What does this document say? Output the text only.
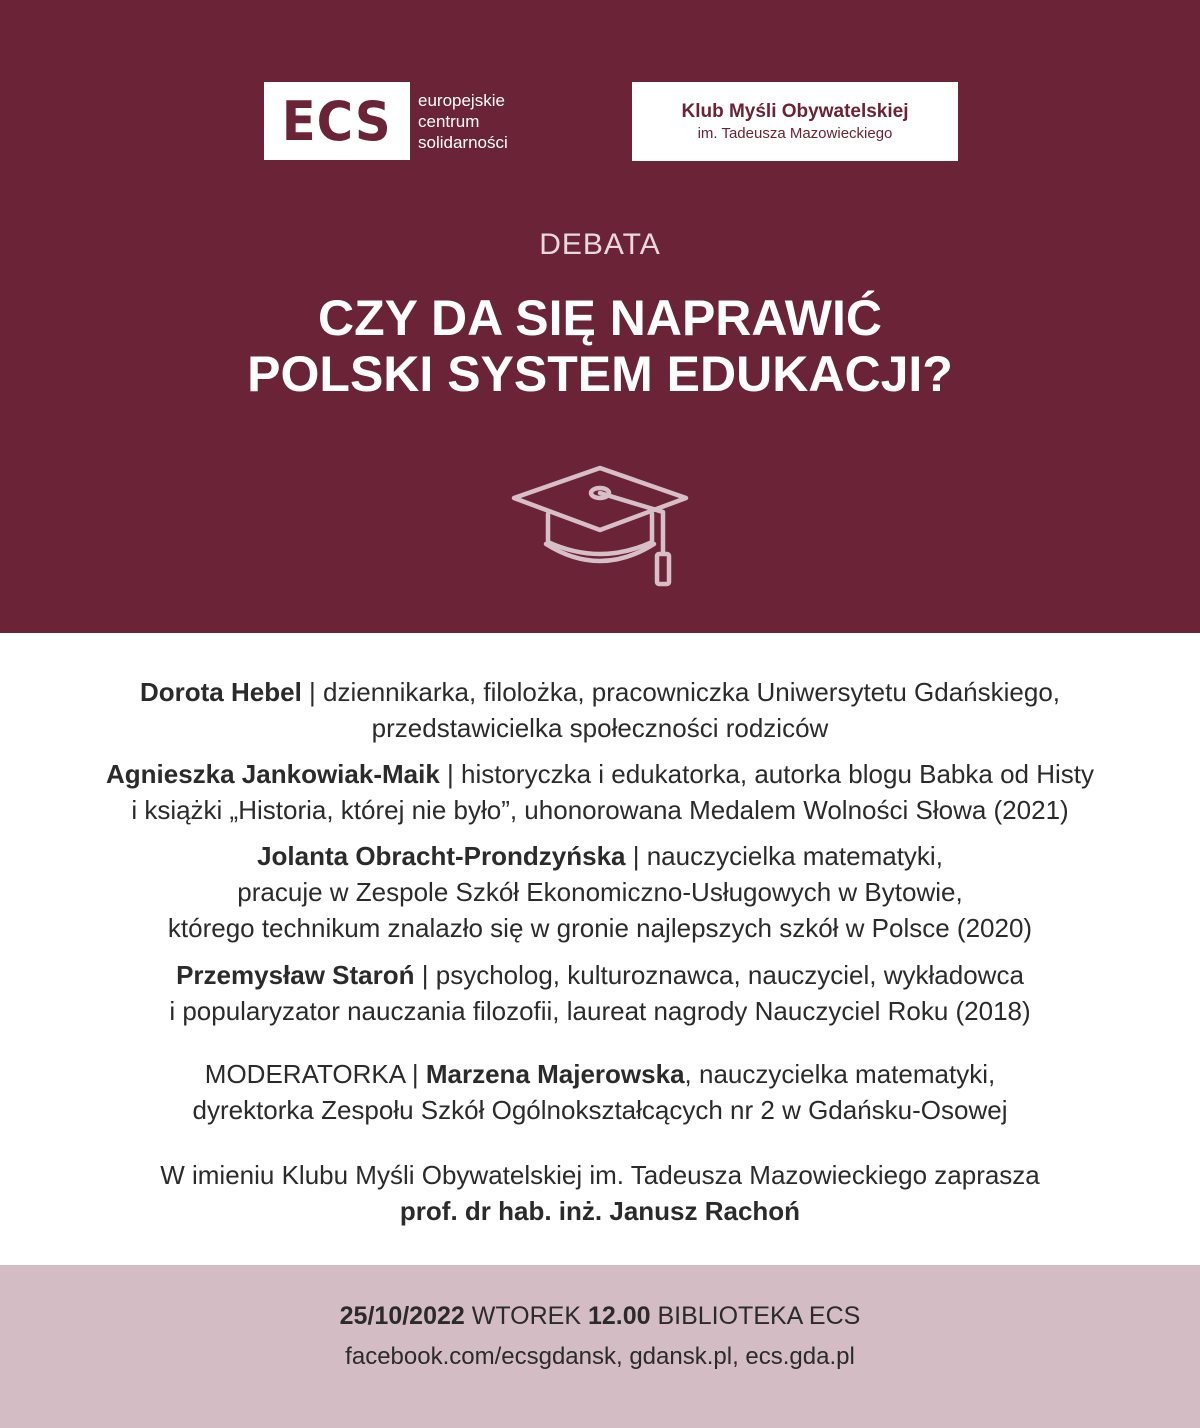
ECS europejskie
centrum
solidarności
Klub Myśli Obywatelskiej
im. Tadeusza Mazowieckiego
DEBATA
CZY DA SIĘ NAPRAWIĆ
POLSKI SYSTEM EDUKACJI?
Dorota Hebel | dziennikarka, filolożka, pracowniczka Uniwersytetu Gdańskiego,
przedstawicielka społeczności rodziców
Agnieszka Jankowiak-Maik | historyczka i edukatorka, autorka blogu Babka od Histy
i książki „Historia, której nie było”, uhonorowana Medalem Wolności Słowa (2021)
Jolanta Obracht-Prondzyńska | nauczycielka matematyki,
pracuje w Zespole Szkół Ekonomiczno-Usługowych w Bytowie,
którego technikum znalazło się w gronie najlepszych szkół w Polsce (2020)
Przemysław Staroń | psycholog, kulturoznawca, nauczyciel, wykładowca
i popularyzator nauczania filozofii, laureat nagrody Nauczyciel Roku (2018)
MODERATORKA | Marzena Majerowska, nauczycielka matematyki,
dyrektorka Zespołu Szkół Ogólnokształcących nr 2 w Gdańsku-Osowej
W imieniu Klubu Myśli Obywatelskiej im. Tadeusza Mazowieckiego zaprasza
prof. dr hab. inż. Janusz Rachoń
25/10/2022 WTOREK 12.00 BIBLIOTEKA ECS
facebook.com/ecsgdansk, gdansk.pl, ecs.gda.pl
